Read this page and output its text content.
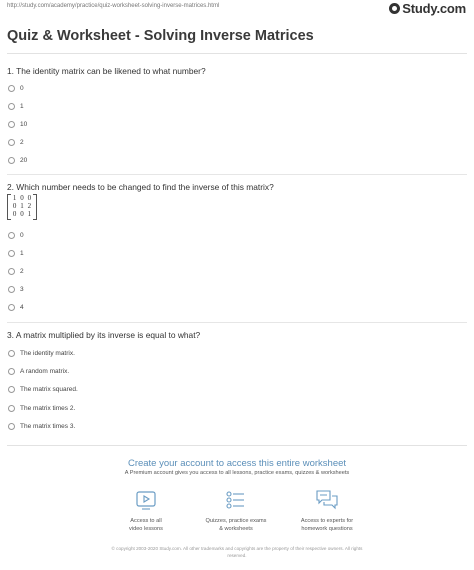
http://study.com/academy/practice/quiz-worksheet-solving-inverse-matrices.html	Study.com
Quiz & Worksheet - Solving Inverse Matrices
1. The identity matrix can be likened to what number?
0
1
10
2
20
2. Which number needs to be changed to find the inverse of this matrix?
1 0 0
0 1 2
0 0 1
0
1
2
3
4
3. A matrix multiplied by its inverse is equal to what?
The identity matrix.
A random matrix.
The matrix squared.
The matrix times 2.
The matrix times 3.
Create your account to access this entire worksheet
A Premium account gives you access to all lessons, practice exams, quizzes & worksheets
Access to all
video lessons
Quizzes, practice exams
& worksheets
Access to experts for
homework questions
© copyright 2003-2020 Study.com. All other trademarks and copyrights are the property of their respective owners. All rights
reserved.
